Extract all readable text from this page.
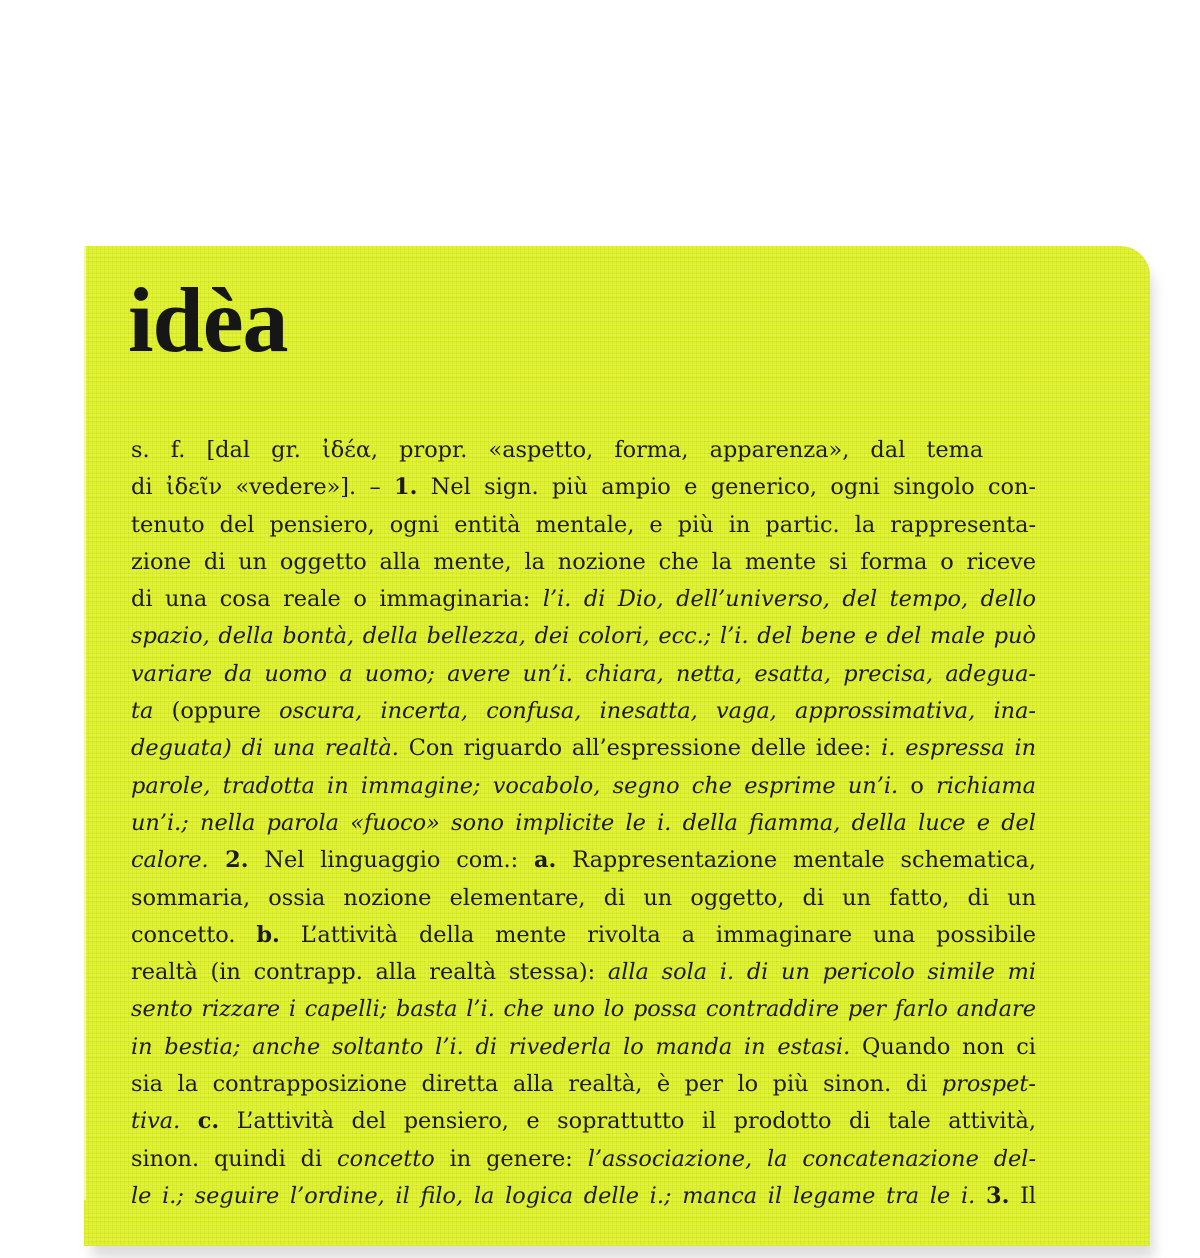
idèa
s. f. [dal gr. ἰδέα, propr. «aspetto, forma, apparenza», dal tema
di ἰδεῖν «vedere»]. – 1. Nel sign. più ampio e generico, ogni singolo con-
tenuto del pensiero, ogni entità mentale, e più in partic. la rappresenta-
zione di un oggetto alla mente, la nozione che la mente si forma o riceve
di una cosa reale o immaginaria: l’i. di Dio, dell’universo, del tempo, dello
spazio, della bontà, della bellezza, dei colori, ecc.; l’i. del bene e del male può
variare da uomo a uomo; avere un’i. chiara, netta, esatta, precisa, adegua-
ta (oppure oscura, incerta, confusa, inesatta, vaga, approssimativa, ina-
deguata) di una realtà. Con riguardo all’espressione delle idee: i. espressa in
parole, tradotta in immagine; vocabolo, segno che esprime un’i. o richiama
un’i.; nella parola «fuoco» sono implicite le i. della fiamma, della luce e del
calore. 2. Nel linguaggio com.: a. Rappresentazione mentale schematica,
sommaria, ossia nozione elementare, di un oggetto, di un fatto, di un
concetto. b. L’attività della mente rivolta a immaginare una possibile
realtà (in contrapp. alla realtà stessa): alla sola i. di un pericolo simile mi
sento rizzare i capelli; basta l’i. che uno lo possa contraddire per farlo andare
in bestia; anche soltanto l’i. di rivederla lo manda in estasi. Quando non ci
sia la contrapposizione diretta alla realtà, è per lo più sinon. di prospet-
tiva. c. L’attività del pensiero, e soprattutto il prodotto di tale attività,
sinon. quindi di concetto in genere: l’associazione, la concatenazione del-
le i.; seguire l’ordine, il filo, la logica delle i.; manca il legame tra le i. 3. Il
